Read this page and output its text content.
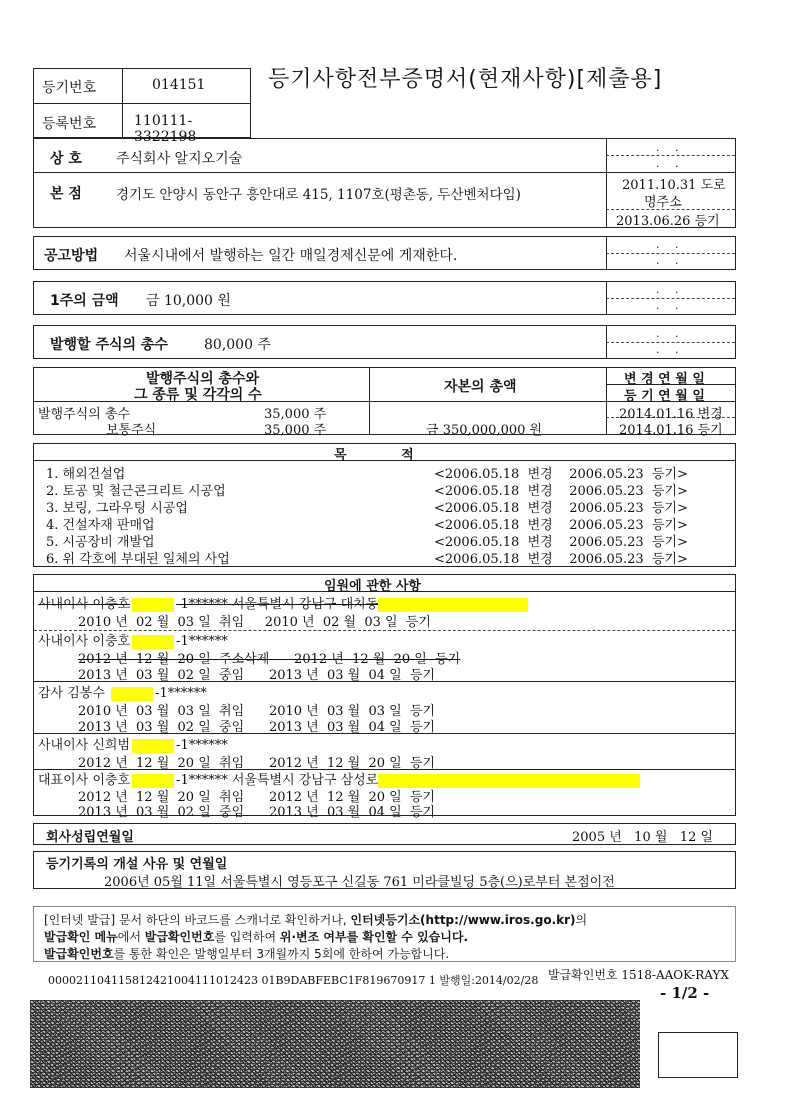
등기사항전부증명서(현재사항)[제출용]
등기번호	014151
등록번호	110111-3322198
. .
. .
상 호 주식회사 알지오기술
본 점	경기도 안양시 동안구 흥안대로 415, 1107호(평촌동, 두산벤처다임)
2011.10.31 도로
명주소
2013.06.26 등기
. .
. .
공고방법 서울시내에서 발행하는 일간 매일경제신문에 게재한다.
. .
. .
1주의 금액 금 10,000 원
. .
. .
발행할 주식의 총수	80,000 주
발행주식의 총수와
그 종류 및 각각의 수	자본의 총액	변 경 연 월 일
등 기 연 월 일
발행주식의 총수	35,000 주
보통주식	35,000 주	금 350,000,000 원
2014.01.16 변경
2014.01.16 등기
목 적
1. 해외건설업	<2006.05.18  변경    2006.05.23  등기>
2. 토공 및 철근콘크리트 시공업	<2006.05.18  변경    2006.05.23  등기>
3. 보링, 그라우팅 시공업	<2006.05.18  변경    2006.05.23  등기>
4. 건설자재 판매업	<2006.05.18  변경    2006.05.23  등기>
5. 시공장비 개발업	<2006.05.18  변경    2006.05.23  등기>
6. 위 각호에 부대된 일체의 사업	<2006.05.18  변경    2006.05.23  등기>
임원에 관한 사항
사내이사 이충호	-1****** 서울특별시 강남구 대치동
2010 년  02 월  03 일  취임     2010 년  02 월  03 일  등기
사내이사 이충호	-1******
2012 년  12 월  20 일  주소삭제      2012 년  12 월  20 일  등기
2013 년  03 월  02 일  중임      2013 년  03 월  04 일  등기
감사 김봉수	-1******
2010 년  03 월  03 일  취임      2010 년  03 월  03 일  등기
2013 년  03 월  02 일  중임      2013 년  03 월  04 일  등기
사내이사 신희범	-1******
2012 년  12 월  20 일  취임      2012 년  12 월  20 일  등기
대표이사 이충호	-1****** 서울특별시 강남구 삼성로
2012 년  12 월  20 일  취임      2012 년  12 월  20 일  등기
2013 년  03 월  02 일  중임      2013 년  03 월  04 일  등기
회사성립연월일	2005 년   10 월   12 일
등기기록의 개설 사유 및 연월일
2006년 05월 11일 서울특별시 영등포구 신길동 761 미라클빌딩 5층(으)로부터 본점이전
[인터넷 발급] 문서 하단의 바코드를 스캐너로 확인하거나, 인터넷등기소(http://www.iros.go.kr)의
발급확인 메뉴에서 발급확인번호를 입력하여 위·변조 여부를 확인할 수 있습니다.
발급확인번호를 통한 확인은 발행일부터 3개월까지 5회에 한하여 가능합니다.
000021104115812421004111012423 01B9DABFEBC1F819670917 1 발행일:2014/02/28 발급확인번호 1518-AAOK-RAYX
- 1/2 -
